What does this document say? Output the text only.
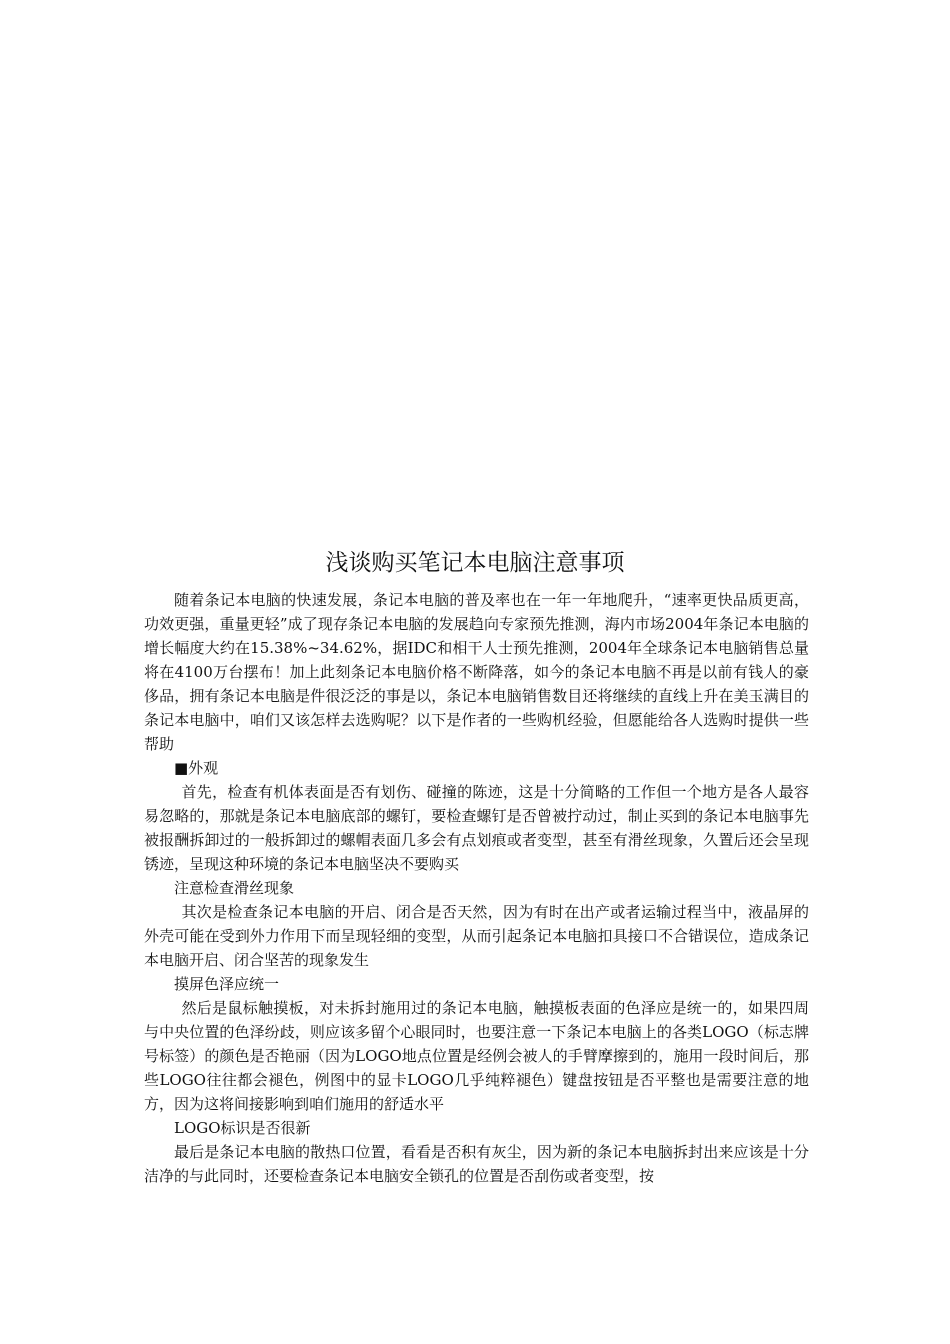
浅谈购买笔记本电脑注意事项

随着条记本电脑的快速发展，条记本电脑的普及率也在一年一年地爬升，“速率更快品质更高，功效更强，重量更轻”成了现存条记本电脑的发展趋向专家预先推测，海内市场2004年条记本电脑的增长幅度大约在15.38%~34.62%，据IDC和相干人士预先推测，2004年全球条记本电脑销售总量将在4100万台摆布！加上此刻条记本电脑价格不断降落，如今的条记本电脑不再是以前有钱人的豪侈品，拥有条记本电脑是件很泛泛的事是以，条记本电脑销售数目还将继续的直线上升在美玉满目的条记本电脑中，咱们又该怎样去选购呢？以下是作者的一些购机经验，但愿能给各人选购时提供一些帮助

■外观

首先，检查有机体表面是否有划伤、碰撞的陈迹，这是十分简略的工作但一个地方是各人最容易忽略的，那就是条记本电脑底部的螺钉，要检查螺钉是否曾被拧动过，制止买到的条记本电脑事先被报酬拆卸过的一般拆卸过的螺帽表面几多会有点划痕或者变型，甚至有滑丝现象，久置后还会呈现锈迹，呈现这种环境的条记本电脑坚决不要购买

注意检查滑丝现象

其次是检查条记本电脑的开启、闭合是否天然，因为有时在出产或者运输过程当中，液晶屏的外壳可能在受到外力作用下而呈现轻细的变型，从而引起条记本电脑扣具接口不合错误位，造成条记本电脑开启、闭合坚苦的现象发生

摸屏色泽应统一

然后是鼠标触摸板，对未拆封施用过的条记本电脑，触摸板表面的色泽应是统一的，如果四周与中央位置的色泽纷歧，则应该多留个心眼同时，也要注意一下条记本电脑上的各类LOGO（标志牌号标签）的颜色是否艳丽（因为LOGO地点位置是经例会被人的手臂摩擦到的，施用一段时间后，那些LOGO往往都会褪色，例图中的显卡LOGO几乎纯粹褪色）键盘按钮是否平整也是需要注意的地方，因为这将间接影响到咱们施用的舒适水平

LOGO标识是否很新

最后是条记本电脑的散热口位置，看看是否积有灰尘，因为新的条记本电脑拆封出来应该是十分洁净的与此同时，还要检查条记本电脑安全锁孔的位置是否刮伤或者变型，按
